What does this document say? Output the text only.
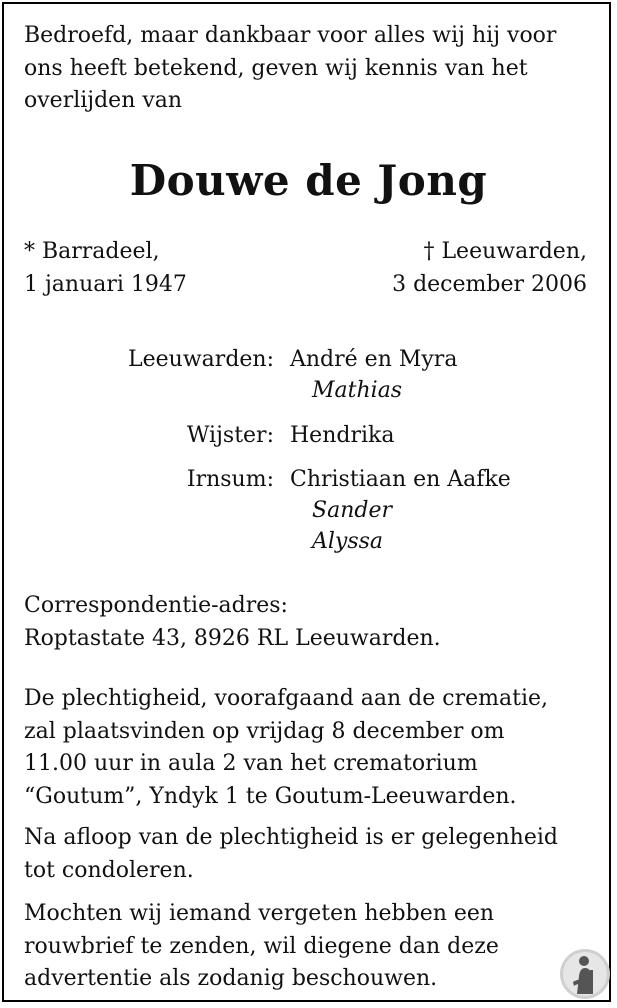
Bedroefd, maar dankbaar voor alles wij hij voor
ons heeft betekend, geven wij kennis van het
overlijden van
Douwe de Jong
* Barradeel,
1 januari 1947
† Leeuwarden,
3 december 2006
Leeuwarden: André en Myra
Mathias
Wijster: Hendrika
Irnsum: Christiaan en Aafke
Sander
Alyssa
Correspondentie-adres:
Roptastate 43, 8926 RL Leeuwarden.
De plechtigheid, voorafgaand aan de crematie,
zal plaatsvinden op vrijdag 8 december om
11.00 uur in aula 2 van het crematorium
“Goutum”, Yndyk 1 te Goutum-Leeuwarden.
Na afloop van de plechtigheid is er gelegenheid
tot condoleren.
Mochten wij iemand vergeten hebben een
rouwbrief te zenden, wil diegene dan deze
advertentie als zodanig beschouwen.
